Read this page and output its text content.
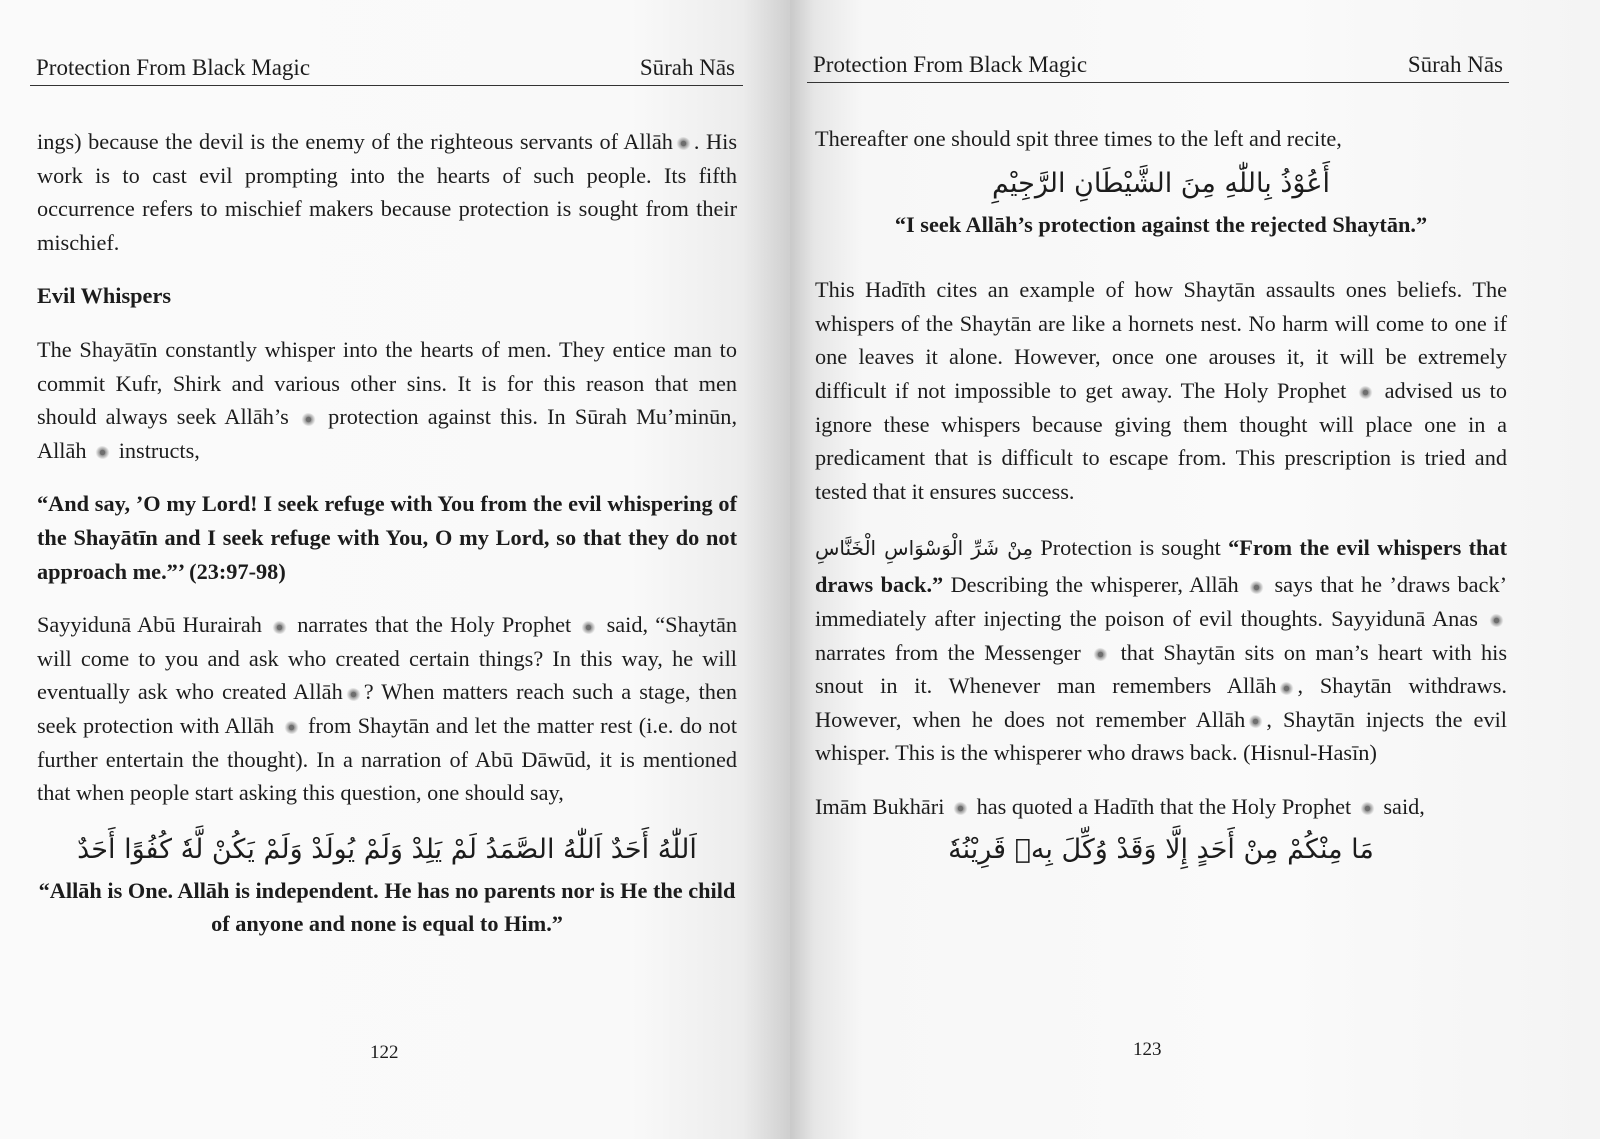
Protection From Black Magic	Sūrah Nās

ings) because the devil is the enemy of the righteous servants of Allāh . His work is to cast evil prompting into the hearts of such people. Its fifth occurrence refers to mischief makers because protection is sought from their mischief.

Evil Whispers

The Shayātīn constantly whisper into the hearts of men. They entice man to commit Kufr, Shirk and various other sins. It is for this reason that men should always seek Allāh’s protection against this. In Sūrah Mu’minūn, Allāh instructs,

“And say, ’O my Lord! I seek refuge with You from the evil whispering of the Shayātīn and I seek refuge with You, O my Lord, so that they do not approach me.”’ (23:97-98)

Sayyidunā Abū Hurairah narrates that the Holy Prophet said, “Shaytān will come to you and ask who created certain things? In this way, he will eventually ask who created Allāh ? When matters reach such a stage, then seek protection with Allāh from Shaytān and let the matter rest (i.e. do not further entertain the thought). In a narration of Abū Dāwūd, it is mentioned that when people start asking this question, one should say,

اَللّٰهُ أَحَدٌ اَللّٰهُ الصَّمَدُ لَمْ يَلِدْ وَلَمْ يُولَدْ وَلَمْ يَكُنْ لَّهٗ كُفُوًا أَحَدٌ

“Allāh is One. Allāh is independent. He has no parents nor is He the child of anyone and none is equal to Him.”

122
Protection From Black Magic	Sūrah Nās

Thereafter one should spit three times to the left and recite,

أَعُوْذُ بِاللّٰهِ مِنَ الشَّيْطَانِ الرَّجِيْمِ

“I seek Allāh’s protection against the rejected Shaytān.”

This Hadīth cites an example of how Shaytān assaults ones beliefs. The whispers of the Shaytān are like a hornets nest. No harm will come to one if one leaves it alone. However, once one arouses it, it will be extremely difficult if not impossible to get away. The Holy Prophet advised us to ignore these whispers because giving them thought will place one in a predicament that is difficult to escape from. This prescription is tried and tested that it ensures success.

مِنْ شَرِّ الْوَسْوَاسِ الْخَنَّاسِ Protection is sought “From the evil whispers that draws back.” Describing the whisperer, Allāh says that he ’draws back’ immediately after injecting the poison of evil thoughts. Sayyidunā Anas  narrates from the Messenger that Shaytān sits on man’s heart with his snout in it. Whenever man remembers Allāh , Shaytān withdraws. However, when he does not remember Allāh , Shaytān injects the evil whisper. This is the whisperer who draws back. (Hisnul-Hasīn)

Imām Bukhāri has quoted a Hadīth that the Holy Prophet said,

مَا مِنْكُمْ مِنْ أَحَدٍ إِلَّا وَقَدْ وُكِّلَ بِهٖ قَرِيْنُهٗ
123
